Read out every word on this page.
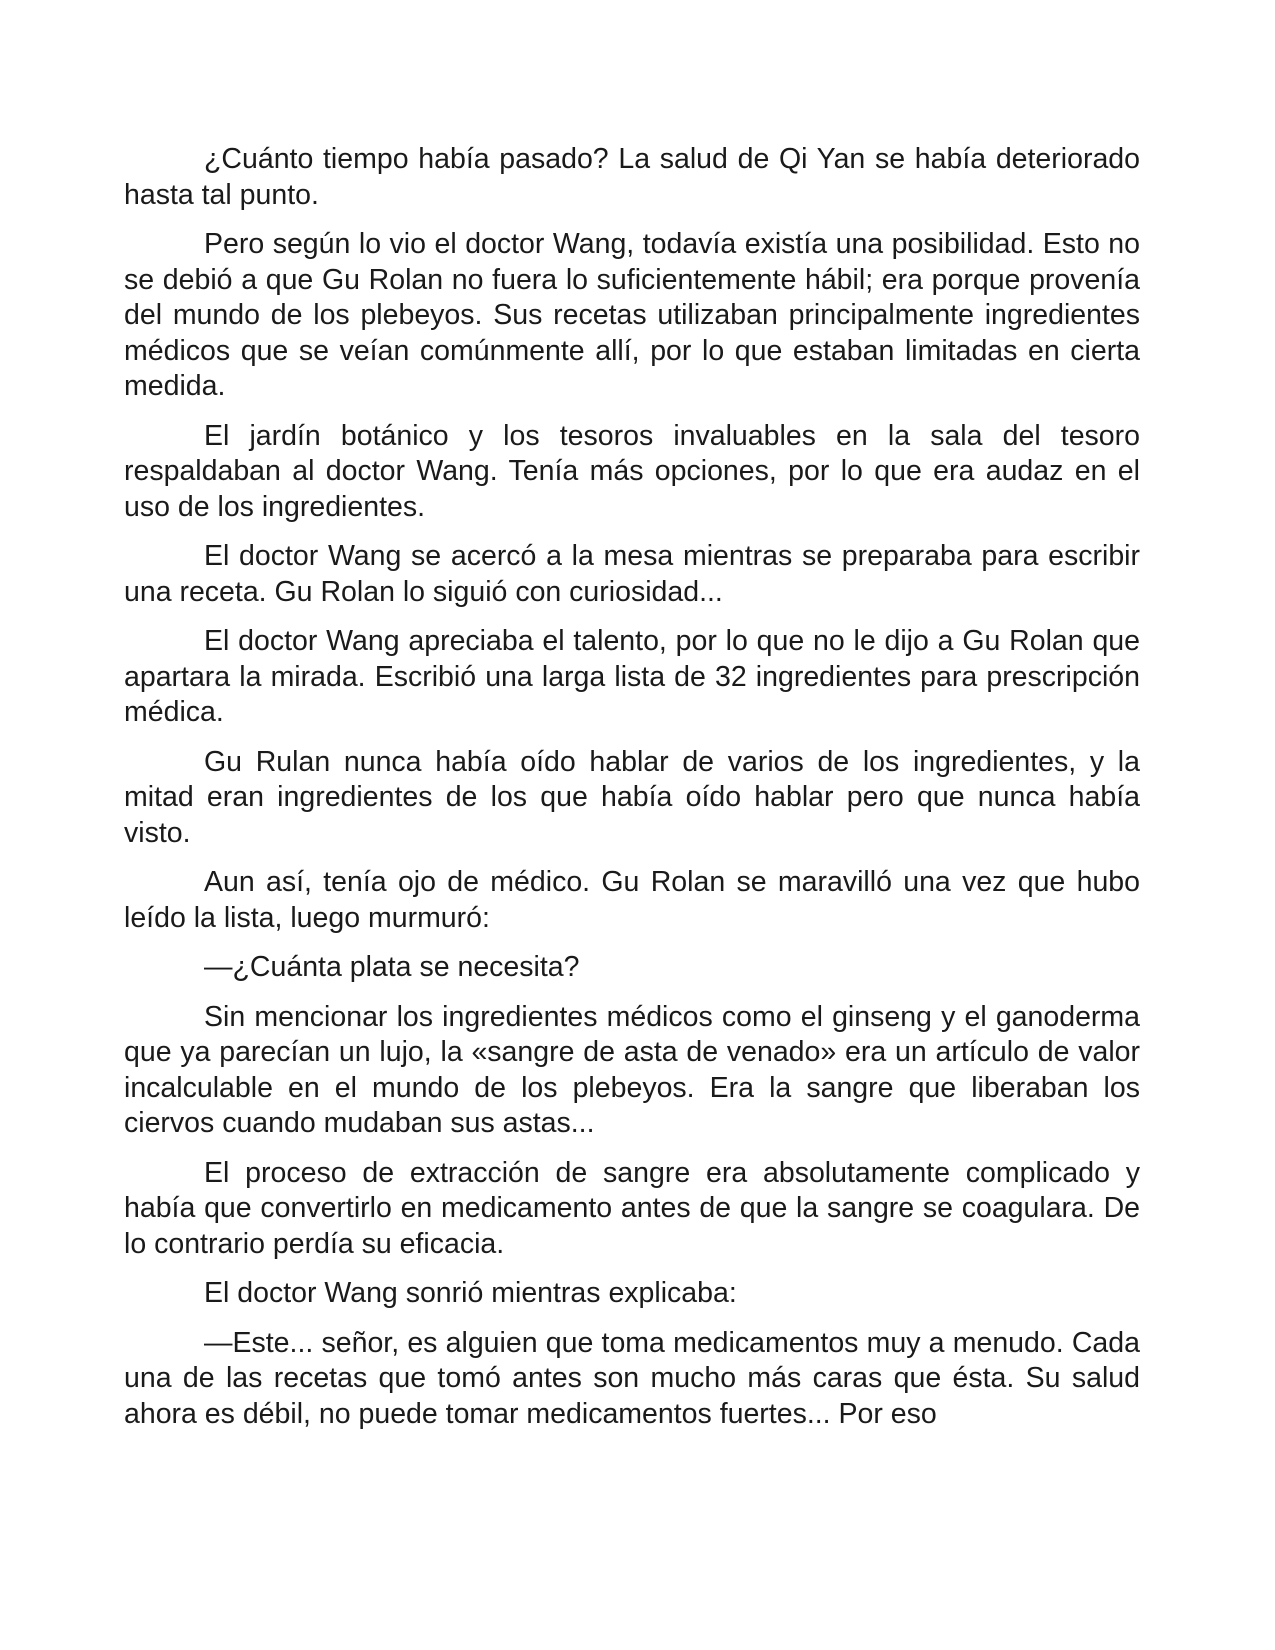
¿Cuánto tiempo había pasado? La salud de Qi Yan se había deteriorado hasta tal punto.

Pero según lo vio el doctor Wang, todavía existía una posibilidad. Esto no se debió a que Gu Rolan no fuera lo suficientemente hábil; era porque provenía del mundo de los plebeyos. Sus recetas utilizaban principalmente ingredientes médicos que se veían comúnmente allí, por lo que estaban limitadas en cierta medida.

El jardín botánico y los tesoros invaluables en la sala del tesoro respaldaban al doctor Wang. Tenía más opciones, por lo que era audaz en el uso de los ingredientes.

El doctor Wang se acercó a la mesa mientras se preparaba para escribir una receta. Gu Rolan lo siguió con curiosidad...

El doctor Wang apreciaba el talento, por lo que no le dijo a Gu Rolan que apartara la mirada. Escribió una larga lista de 32 ingredientes para prescripción médica.

Gu Rulan nunca había oído hablar de varios de los ingredientes, y la mitad eran ingredientes de los que había oído hablar pero que nunca había visto.

Aun así, tenía ojo de médico. Gu Rolan se maravilló una vez que hubo leído la lista, luego murmuró:

—¿Cuánta plata se necesita?

Sin mencionar los ingredientes médicos como el ginseng y el ganoderma que ya parecían un lujo, la «sangre de asta de venado» era un artículo de valor incalculable en el mundo de los plebeyos. Era la sangre que liberaban los ciervos cuando mudaban sus astas...

El proceso de extracción de sangre era absolutamente complicado y había que convertirlo en medicamento antes de que la sangre se coagulara. De lo contrario perdía su eficacia.

El doctor Wang sonrió mientras explicaba:

—Este... señor, es alguien que toma medicamentos muy a menudo. Cada una de las recetas que tomó antes son mucho más caras que ésta. Su salud ahora es débil, no puede tomar medicamentos fuertes... Por eso
